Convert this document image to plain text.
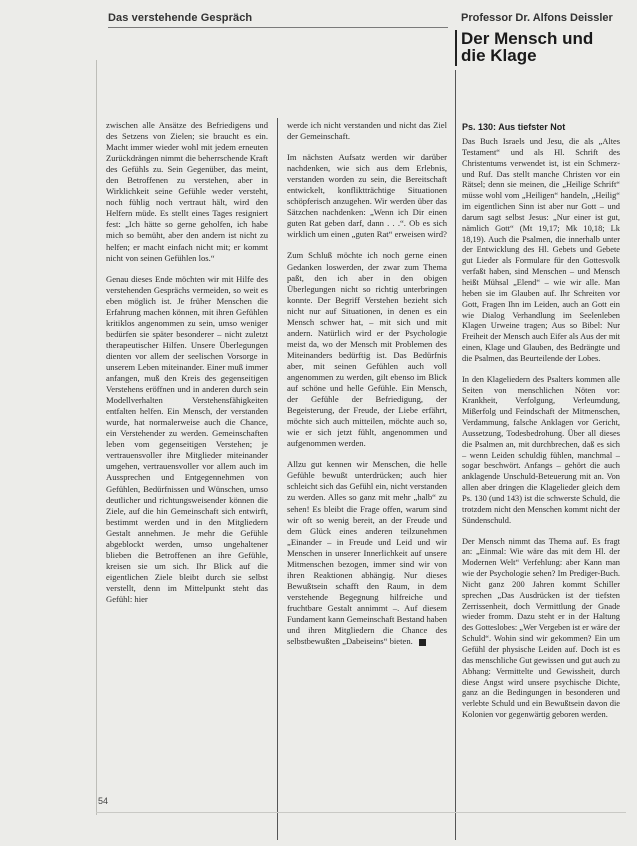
Das verstehende Gespräch	Professor Dr. Alfons Deissler
Der Mensch und die Klage

zwischen alle Ansätze des Befriedigens und des Setzens von Zielen; sie braucht es ein. Macht immer wieder wohl mit jedem erneuten Zurückdrängen nimmt die beherrschende Kraft des Gefühls zu. Sein Gegenüber, das meint, den Betroffenen zu verstehen, aber in Wirklichkeit seine Gefühle weder versteht, noch fühlig noch vertraut hält, wird den Helfern müde. Es stellt eines Tages resigniert fest: „Ich hätte so gerne geholfen, ich habe mich so bemüht, aber den andern ist nicht zu helfen; er macht einfach nicht mit; er kommt nicht von seinen Gefühlen los.“

Genau dieses Ende möchten wir mit Hilfe des verstehenden Gesprächs vermeiden, so weit es eben möglich ist. Je früher Menschen die Erfahrung machen können, mit ihren Gefühlen kritiklos angenommen zu sein, umso weniger bedürfen sie später besonderer – nicht zuletzt therapeutischer Hilfen. Unsere Überlegungen dienten vor allem der seelischen Vorsorge in unserem Leben miteinander. Einer muß immer anfangen, muß den Kreis des gegenseitigen Verstehens eröffnen und in anderen durch sein Modellverhalten Verstehensfähigkeiten entfalten helfen. Ein Mensch, der verstanden wurde, hat normalerweise auch die Chance, ein Verstehender zu werden. Gemeinschaften leben vom gegenseitigen Verstehen; je vertrauensvoller ihre Mitglieder miteinander umgehen, vertrauensvoller vor allem auch im Aussprechen und Entgegennehmen von Gefühlen, Bedürfnissen und Wünschen, umso deutlicher und richtungsweisender können die Ziele, auf die hin Gemeinschaft sich entwirft, bestimmt werden und in den Mitgliedern Gestalt annehmen. Je mehr die Gefühle abgeblockt werden, umso ungehaltener blieben die Betroffenen an ihre Gefühle, kreisen sie um sich. Ihr Blick auf die eigentlichen Ziele bleibt durch sie selbst verstellt, denn im Mittelpunkt steht das Gefühl: hier

werde ich nicht verstanden und nicht das Ziel der Gemeinschaft.

Im nächsten Aufsatz werden wir darüber nachdenken, wie sich aus dem Erlebnis, verstanden worden zu sein, die Bereitschaft entwickelt, konfliktträchtige Situationen schöpferisch anzugehen. Wir werden über das Sätzchen nachdenken: „Wenn ich Dir einen guten Rat geben darf, dann . . .“. Ob es sich wirklich um einen „guten Rat“ erweisen wird?

Zum Schluß möchte ich noch gerne einen Gedanken loswerden, der zwar zum Thema paßt, den ich aber in den obigen Überlegungen nicht so richtig unterbringen konnte. Der Begriff Verstehen bezieht sich nicht nur auf Situationen, in denen es ein Mensch schwer hat, – mit sich und mit andern. Natürlich wird er der Psychologie meist da, wo der Mensch mit Problemen des Miteinanders bedürftig ist. Das Bedürfnis aber, mit seinen Gefühlen auch voll angenommen zu werden, gilt ebenso im Blick auf schöne und helle Gefühle. Ein Mensch, der Gefühle der Befriedigung, der Begeisterung, der Freude, der Liebe erfährt, möchte sich auch mitteilen, möchte auch so, wie er sich jetzt fühlt, angenommen und aufgenommen werden.

Allzu gut kennen wir Menschen, die helle Gefühle bewußt unterdrücken; auch hier schleicht sich das Gefühl ein, nicht verstanden zu werden. Alles so ganz mit mehr „halb“ zu sehen! Es bleibt die Frage offen, warum sind wir oft so wenig bereit, an der Freude und dem Glück eines anderen teilzunehmen „Einander – in Freude und Leid und wir Menschen in unserer Innerlichkeit auf unsere Mitmenschen bezogen, immer sind wir von ihren Reaktionen abhängig. Nur dieses Bewußtsein schafft den Raum, in dem verstehende Begegnung hilfreiche und fruchtbare Gestalt annimmt –. Auf diesem Fundament kann Gemeinschaft Bestand haben und ihren Mitgliedern die Chance des selbstbewußten „Dabeiseins“ bieten.

Ps. 130: Aus tiefster Not

Das Buch Israels und Jesu, die als „Altes Testament“ und als Hl. Schrift des Christentums verwendet ist, ist ein Schmerz- und Ruf. Das stellt manche Christen vor ein Rätsel; denn sie meinen, die „Heilige Schrift“ müsse wohl vom „Heiligen“ handeln, „Heilig“ im eigentlichen Sinn ist aber nur Gott – und darum sagt selbst Jesus: „Nur einer ist gut, nämlich Gott“ (Mt 19,17; Mk 10,18; Lk 18,19). Auch die Psalmen, die innerhalb unter der Entwicklung des Hl. Gebets und Gebete gut Lieder als Formulare für den Gottesvolk verfaßt haben, sind Menschen – und Mensch heißt Mühsal „Elend“ – wie wir alle. Man heben sie im Glauben auf. Ihr Schreiten vor Gott, Fragen Ihn im Leiden, auch an Gott ein wie Dialog Verhandlung im Seelenleben Klagen Urweine tragen; Aus so Bibel: Nur Freiheit der Mensch auch Eifer als Aus der mit einen, Klage und Glauben, des Bedrängte und die Psalmen, das Beurteilende der Lobes.

In den Klageliedern des Psalters kommen alle Seiten von menschlichen Nöten vor: Krankheit, Verfolgung, Verleumdung, Mißerfolg und Feindschaft der Mitmenschen, Verdammung, falsche Anklagen vor Gericht, Aussetzung, Todesbedrohung. Über all dieses die Psalmen an, mit durchbrechen, daß es sich – wenn Leiden schuldig fühlen, manchmal – sogar beschwört. Anfangs – gehört die auch anklagende Unschuld-Beteuerung mit an. Von allen aber dringen die Klagelieder gleich dem Ps. 130 (und 143) ist die schwerste Schuld, die trotzdem nicht den Menschen kommt nicht der Sündenschuld.

Der Mensch nimmt das Thema auf. Es fragt an: „Einmal: Wie wäre das mit dem Hl. der Modernen Welt“ Verfehlung: aber Kann man wie der Psychologie sehen? Im Prediger-Buch. Nicht ganz 200 Jahren kommt Schiller sprechen „Das Ausdrücken ist der tiefsten Zerrissenheit, doch Vermittlung der Gnade wieder fromm. Dazu steht er in der Haltung des Gotteslobes: „Wer Vergeben ist er wäre der Schuld“. Wohin sind wir gekommen? Ein um Gefühl der physische Leiden auf. Doch ist es das menschliche Gut gewissen und gut auch zu Abhang: Vermittelte und Gewissheit, durch diese Angst wird unsere psychische Dichte, ganz an die Bedingungen in besonderen und verlebte Schuld und ein Bewußtsein davon die Kolonien vor gegenwärtig geboren werden.

54
